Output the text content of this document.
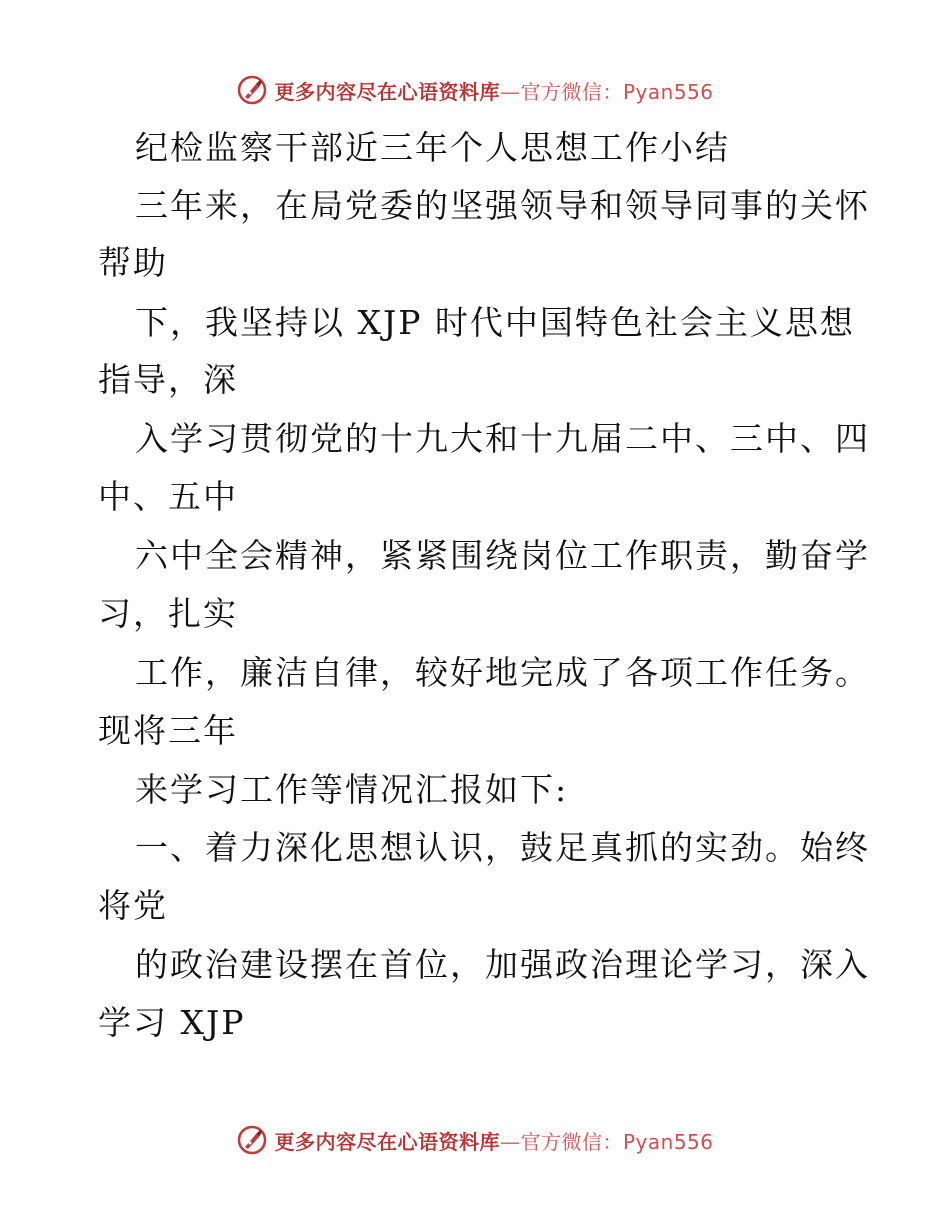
更多内容尽在心语资料库—官方微信：Pyan556
纪检监察干部近三年个人思想工作小结
三年来，在局党委的坚强领导和领导同事的关怀
帮助
下，我坚持以 XJP 时代中国特色社会主义思想
指导，深
入学习贯彻党的十九大和十九届二中、三中、四
中、五中
六中全会精神，紧紧围绕岗位工作职责，勤奋学
习，扎实
工作，廉洁自律，较好地完成了各项工作任务。
现将三年
来学习工作等情况汇报如下:
一、着力深化思想认识，鼓足真抓的实劲。始终
将党
的政治建设摆在首位，加强政治理论学习，深入
学习 XJP
更多内容尽在心语资料库—官方微信：Pyan556
